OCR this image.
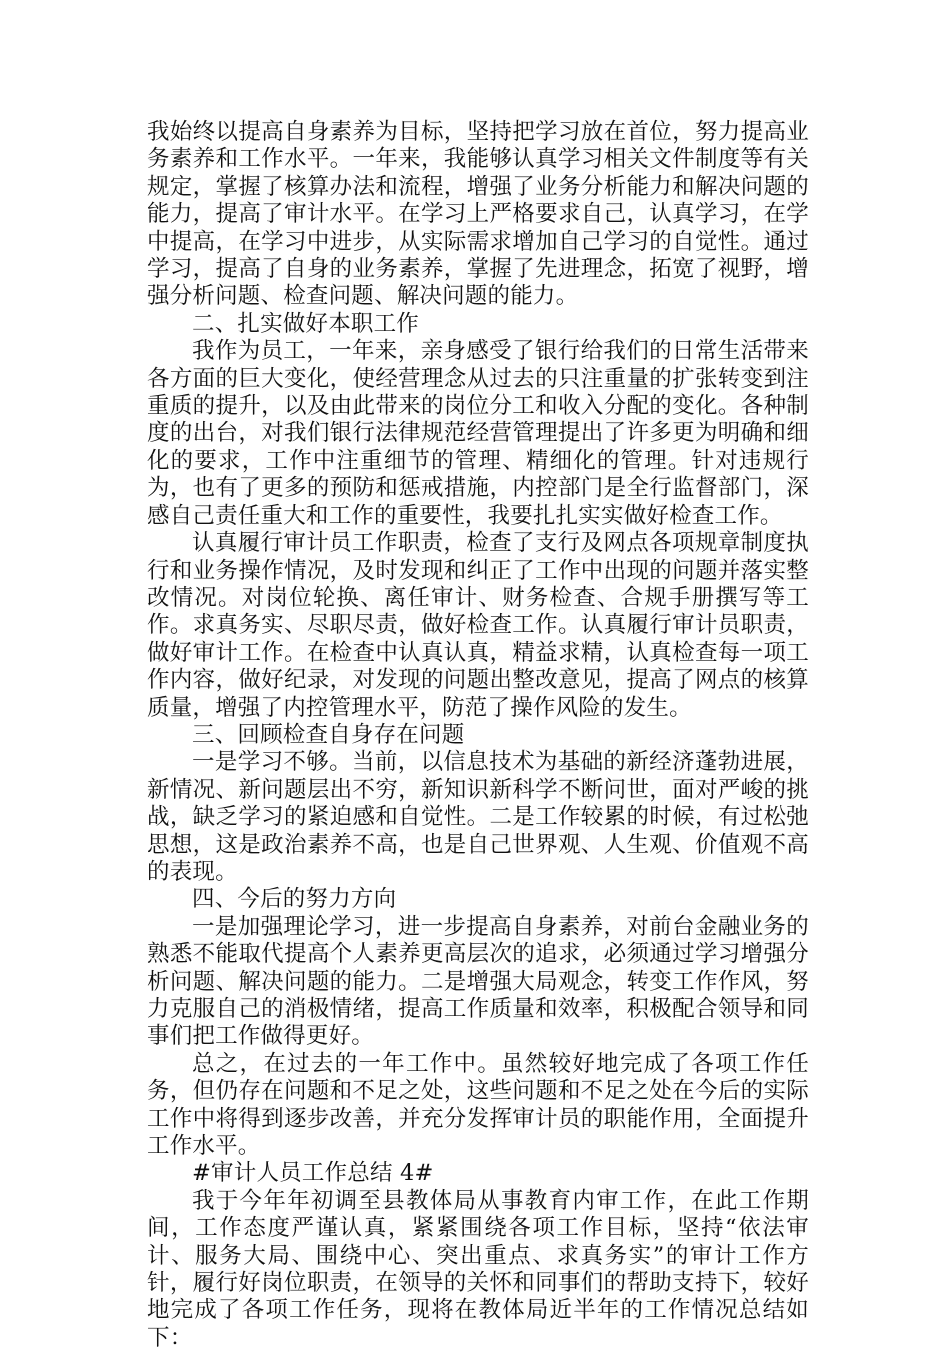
我始终以提高自身素养为目标，坚持把学习放在首位，努力提高业务素养和工作水平。一年来，我能够认真学习相关文件制度等有关规定，掌握了核算办法和流程，增强了业务分析能力和解决问题的能力，提高了审计水平。在学习上严格要求自己，认真学习，在学中提高，在学习中进步，从实际需求增加自己学习的自觉性。通过学习，提高了自身的业务素养，掌握了先进理念，拓宽了视野，增强分析问题、检查问题、解决问题的能力。

二、扎实做好本职工作

我作为员工，一年来，亲身感受了银行给我们的日常生活带来各方面的巨大变化，使经营理念从过去的只注重量的扩张转变到注重质的提升，以及由此带来的岗位分工和收入分配的变化。各种制度的出台，对我们银行法律规范经营管理提出了许多更为明确和细化的要求，工作中注重细节的管理、精细化的管理。针对违规行为，也有了更多的预防和惩戒措施，内控部门是全行监督部门，深感自己责任重大和工作的重要性，我要扎扎实实做好检查工作。

认真履行审计员工作职责，检查了支行及网点各项规章制度执行和业务操作情况，及时发现和纠正了工作中出现的问题并落实整改情况。对岗位轮换、离任审计、财务检查、合规手册撰写等工作。求真务实、尽职尽责，做好检查工作。认真履行审计员职责，做好审计工作。在检查中认真认真，精益求精，认真检查每一项工作内容，做好纪录，对发现的问题出整改意见，提高了网点的核算质量，增强了内控管理水平，防范了操作风险的发生。

三、回顾检查自身存在问题

一是学习不够。当前，以信息技术为基础的新经济蓬勃进展，新情况、新问题层出不穷，新知识新科学不断问世，面对严峻的挑战，缺乏学习的紧迫感和自觉性。二是工作较累的时候，有过松弛思想，这是政治素养不高，也是自己世界观、人生观、价值观不高的表现。

四、今后的努力方向

一是加强理论学习，进一步提高自身素养，对前台金融业务的熟悉不能取代提高个人素养更高层次的追求，必须通过学习增强分析问题、解决问题的能力。二是增强大局观念，转变工作作风，努力克服自己的消极情绪，提高工作质量和效率，积极配合领导和同事们把工作做得更好。

总之，在过去的一年工作中。虽然较好地完成了各项工作任务，但仍存在问题和不足之处，这些问题和不足之处在今后的实际工作中将得到逐步改善，并充分发挥审计员的职能作用，全面提升工作水平。

#审计人员工作总结 4#

我于今年年初调至县教体局从事教育内审工作，在此工作期间，工作态度严谨认真，紧紧围绕各项工作目标，坚持“依法审计、服务大局、围绕中心、突出重点、求真务实”的审计工作方针，履行好岗位职责，在领导的关怀和同事们的帮助支持下，较好地完成了各项工作任务，现将在教体局近半年的工作情况总结如下：
